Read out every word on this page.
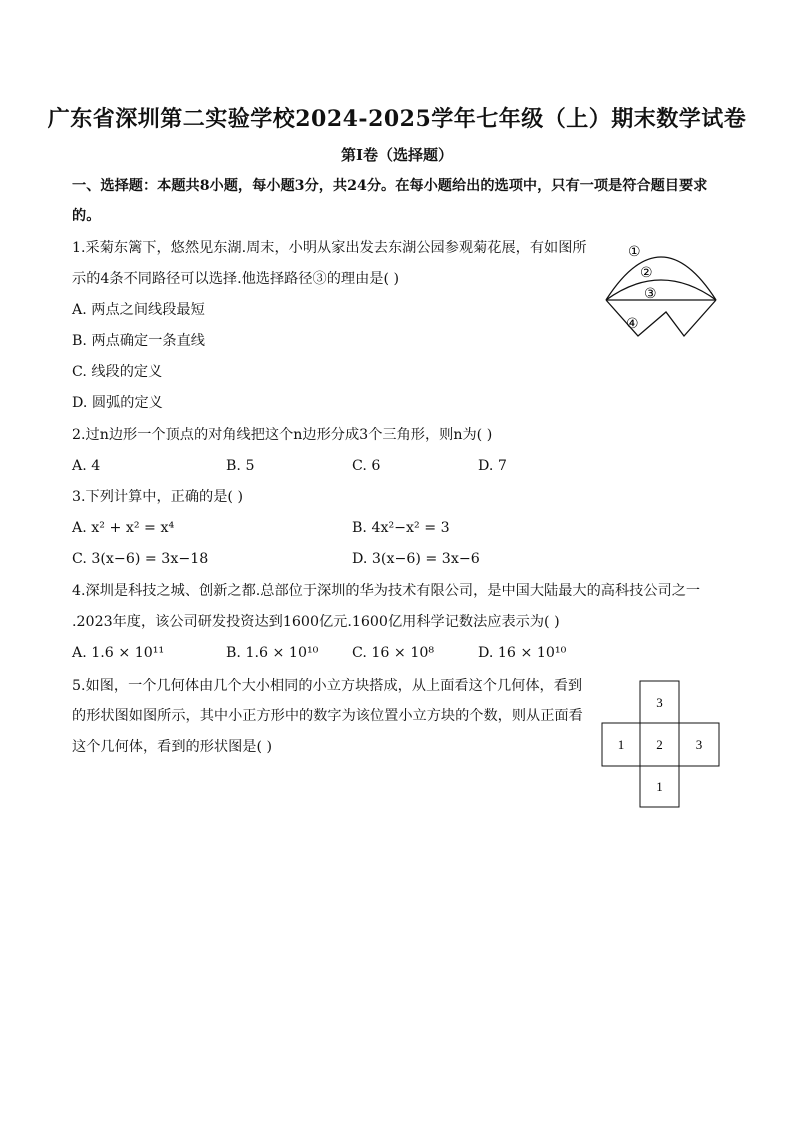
广东省深圳第二实验学校2024-2025学年七年级（上）期末数学试卷
第I卷（选择题）
一、选择题：本题共8小题，每小题3分，共24分。在每小题给出的选项中，只有一项是符合题目要求
的。
1.采菊东篱下，悠然见东湖.周末，小明从家出发去东湖公园参观菊花展，有如图所
示的4条不同路径可以选择.他选择路径③的理由是( )
A. 两点之间线段最短
B. 两点确定一条直线
C. 线段的定义
D. 圆弧的定义
①
②
③
④
2.过n边形一个顶点的对角线把这个n边形分成3个三角形，则n为( )
A. 4	B. 5	C. 6	D. 7
3.下列计算中，正确的是( )
A. x² + x² = x⁴	B. 4x²−x² = 3
C. 3(x−6) = 3x−18	D. 3(x−6) = 3x−6
4.深圳是科技之城、创新之都.总部位于深圳的华为技术有限公司，是中国大陆最大的高科技公司之一
.2023年度，该公司研发投资达到1600亿元.1600亿用科学记数法应表示为( )
A. 1.6 × 10¹¹	B. 1.6 × 10¹⁰ C. 16 × 10⁸	D. 16 × 10¹⁰
5.如图，一个几何体由几个大小相同的小立方块搭成，从上面看这个几何体，看到
的形状图如图所示，其中小正方形中的数字为该位置小立方块的个数，则从正面看
这个几何体，看到的形状图是( )
3
1 2	3
1
